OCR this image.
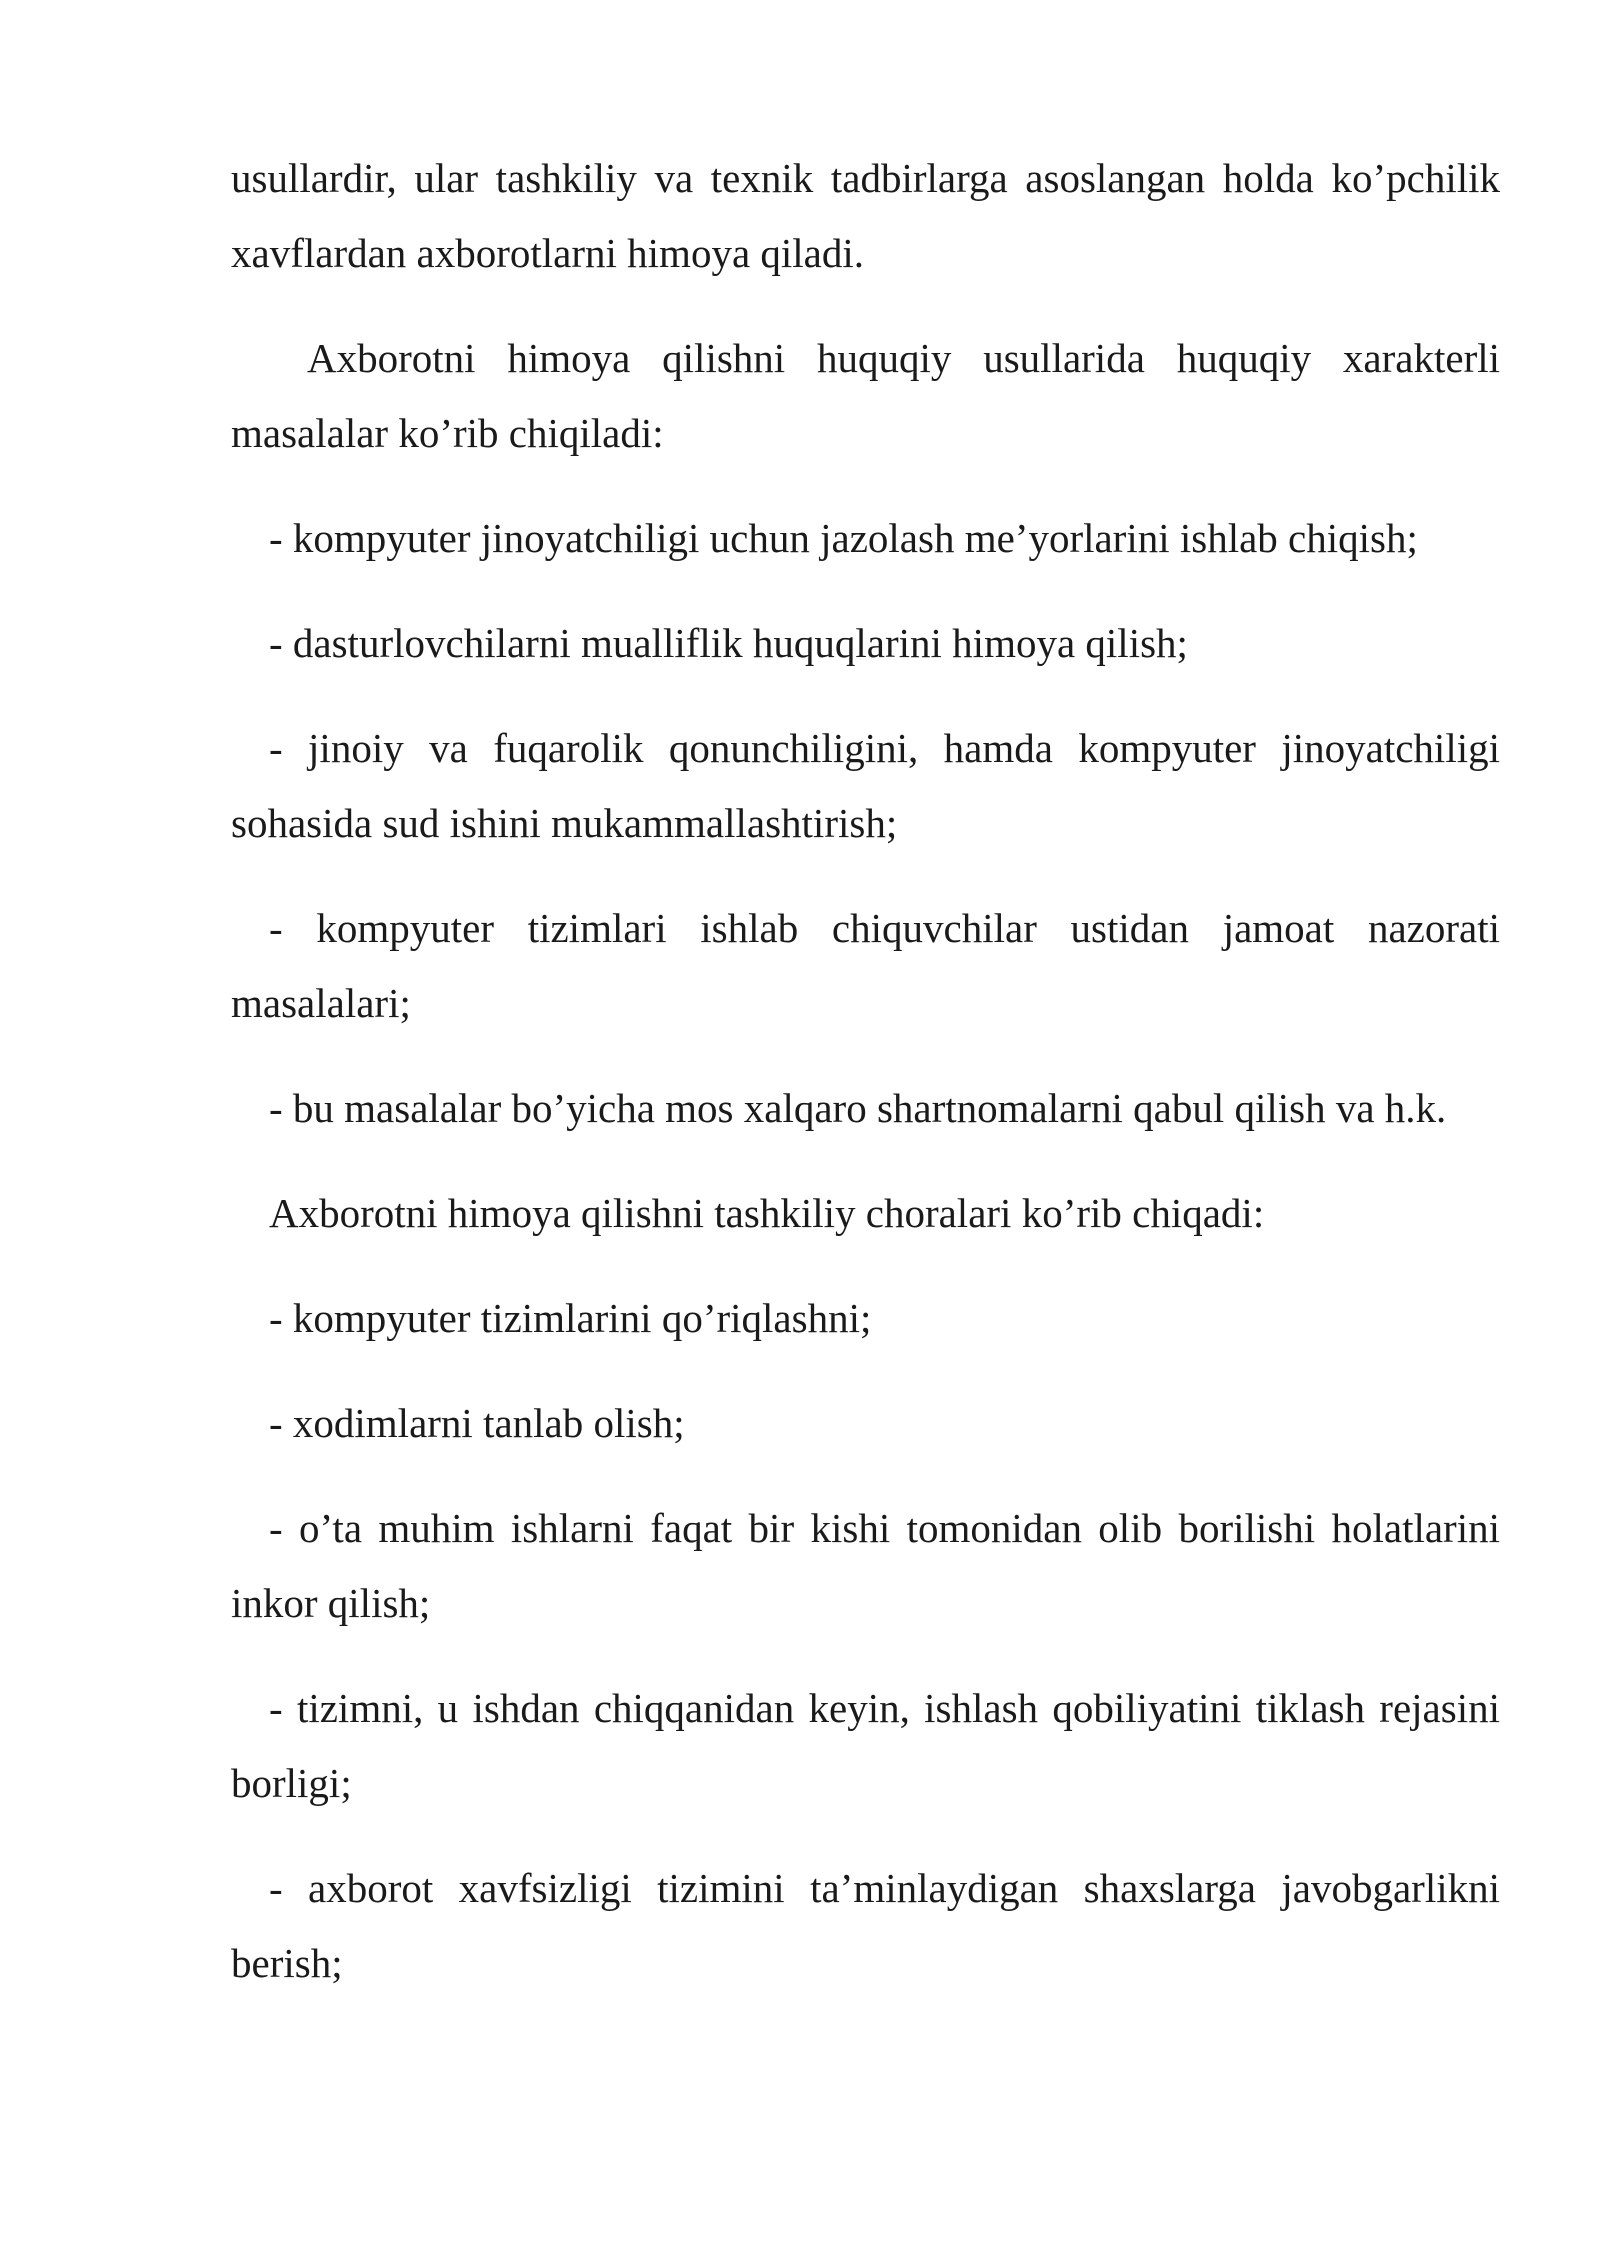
usullardir, ular tashkiliy va texnik tadbirlarga asoslangan holda ko’pchilik xavflardan axborotlarni himoya qiladi.

Axborotni himoya qilishni huquqiy usullarida huquqiy xarakterli masalalar ko’rib chiqiladi:

- kompyuter jinoyatchiligi uchun jazolash me’yorlarini ishlab chiqish;

- dasturlovchilarni mualliflik huquqlarini himoya qilish;

- jinoiy va fuqarolik qonunchiligini, hamda kompyuter jinoyatchiligi sohasida sud ishini mukammallashtirish;

- kompyuter tizimlari ishlab chiquvchilar ustidan jamoat nazorati masalalari;

- bu masalalar bo’yicha mos xalqaro shartnomalarni qabul qilish va h.k.

Axborotni himoya qilishni tashkiliy choralari ko’rib chiqadi:

- kompyuter tizimlarini qo’riqlashni;

- xodimlarni tanlab olish;

- o’ta muhim ishlarni faqat bir kishi tomonidan olib borilishi holatlarini inkor qilish;

- tizimni, u ishdan chiqqanidan keyin, ishlash qobiliyatini tiklash rejasini borligi;

- axborot xavfsizligi tizimini ta’minlaydigan shaxslarga javobgarlikni berish;
